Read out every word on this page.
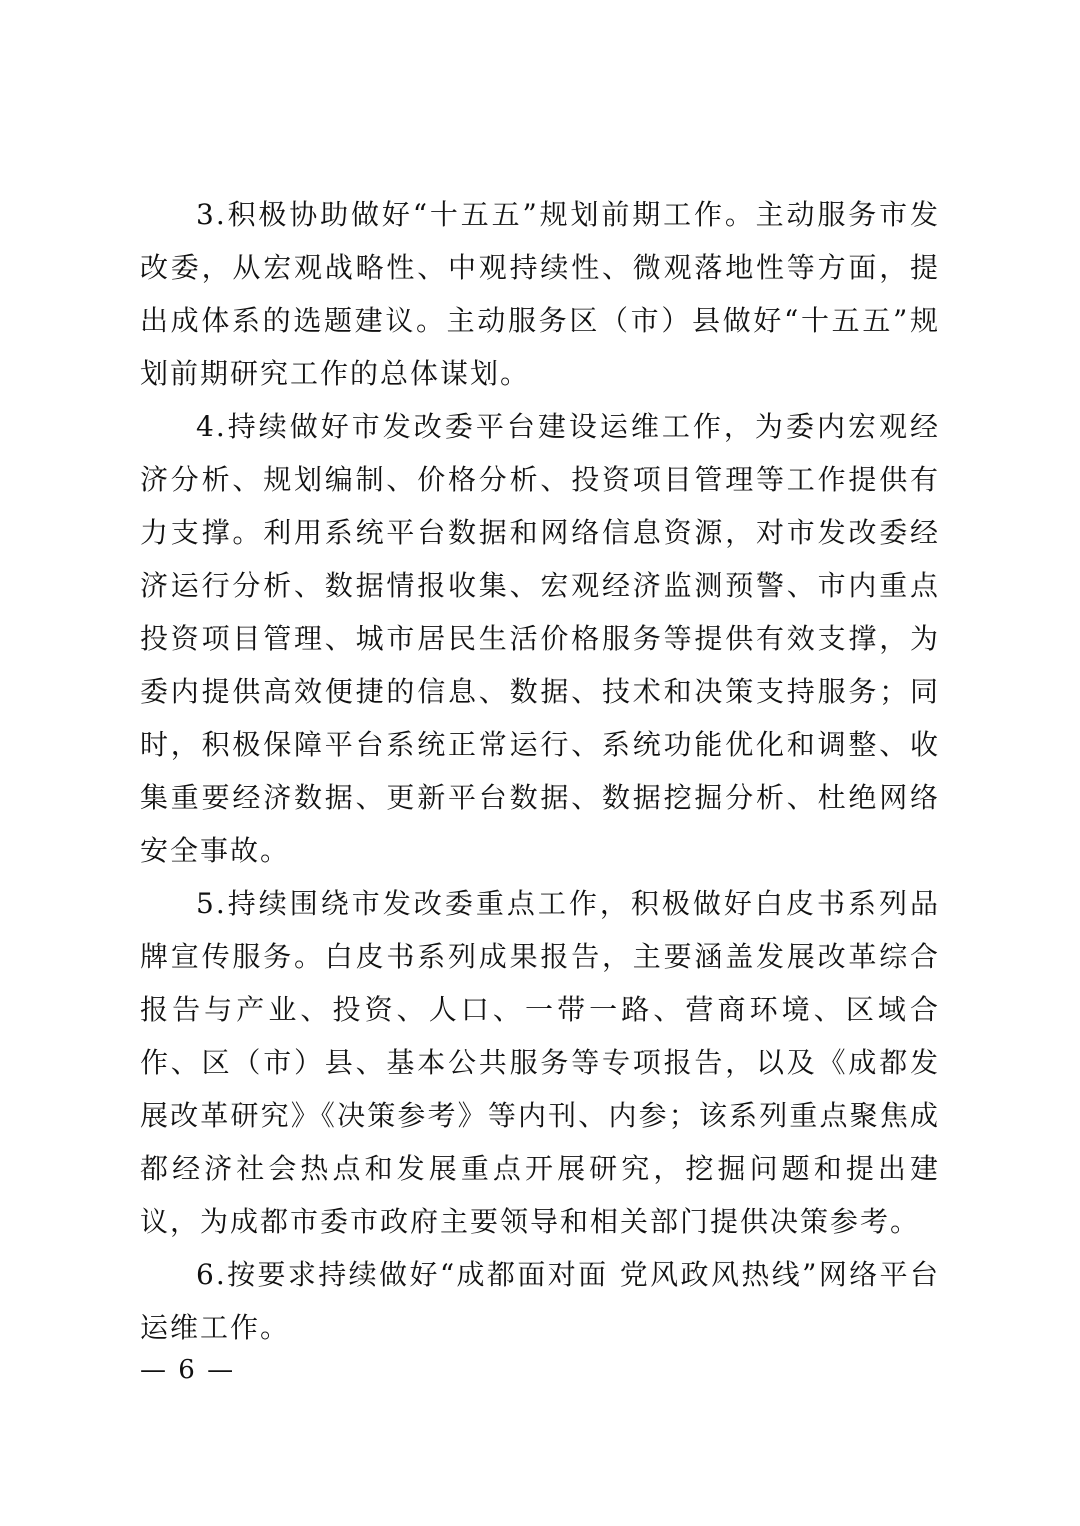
3.积极协助做好“十五五”规划前期工作。主动服务市发改委，从宏观战略性、中观持续性、微观落地性等方面，提出成体系的选题建议。主动服务区（市）县做好“十五五”规划前期研究工作的总体谋划。

4.持续做好市发改委平台建设运维工作，为委内宏观经济分析、规划编制、价格分析、投资项目管理等工作提供有力支撑。利用系统平台数据和网络信息资源，对市发改委经济运行分析、数据情报收集、宏观经济监测预警、市内重点投资项目管理、城市居民生活价格服务等提供有效支撑，为委内提供高效便捷的信息、数据、技术和决策支持服务；同时，积极保障平台系统正常运行、系统功能优化和调整、收集重要经济数据、更新平台数据、数据挖掘分析、杜绝网络安全事故。

5.持续围绕市发改委重点工作，积极做好白皮书系列品牌宣传服务。白皮书系列成果报告，主要涵盖发展改革综合报告与产业、投资、人口、一带一路、营商环境、区域合作、区（市）县、基本公共服务等专项报告，以及《成都发展改革研究》《决策参考》等内刊、内参；该系列重点聚焦成都经济社会热点和发展重点开展研究，挖掘问题和提出建议，为成都市委市政府主要领导和相关部门提供决策参考。

6.按要求持续做好“成都面对面 党风政风热线”网络平台运维工作。

— 6 —
